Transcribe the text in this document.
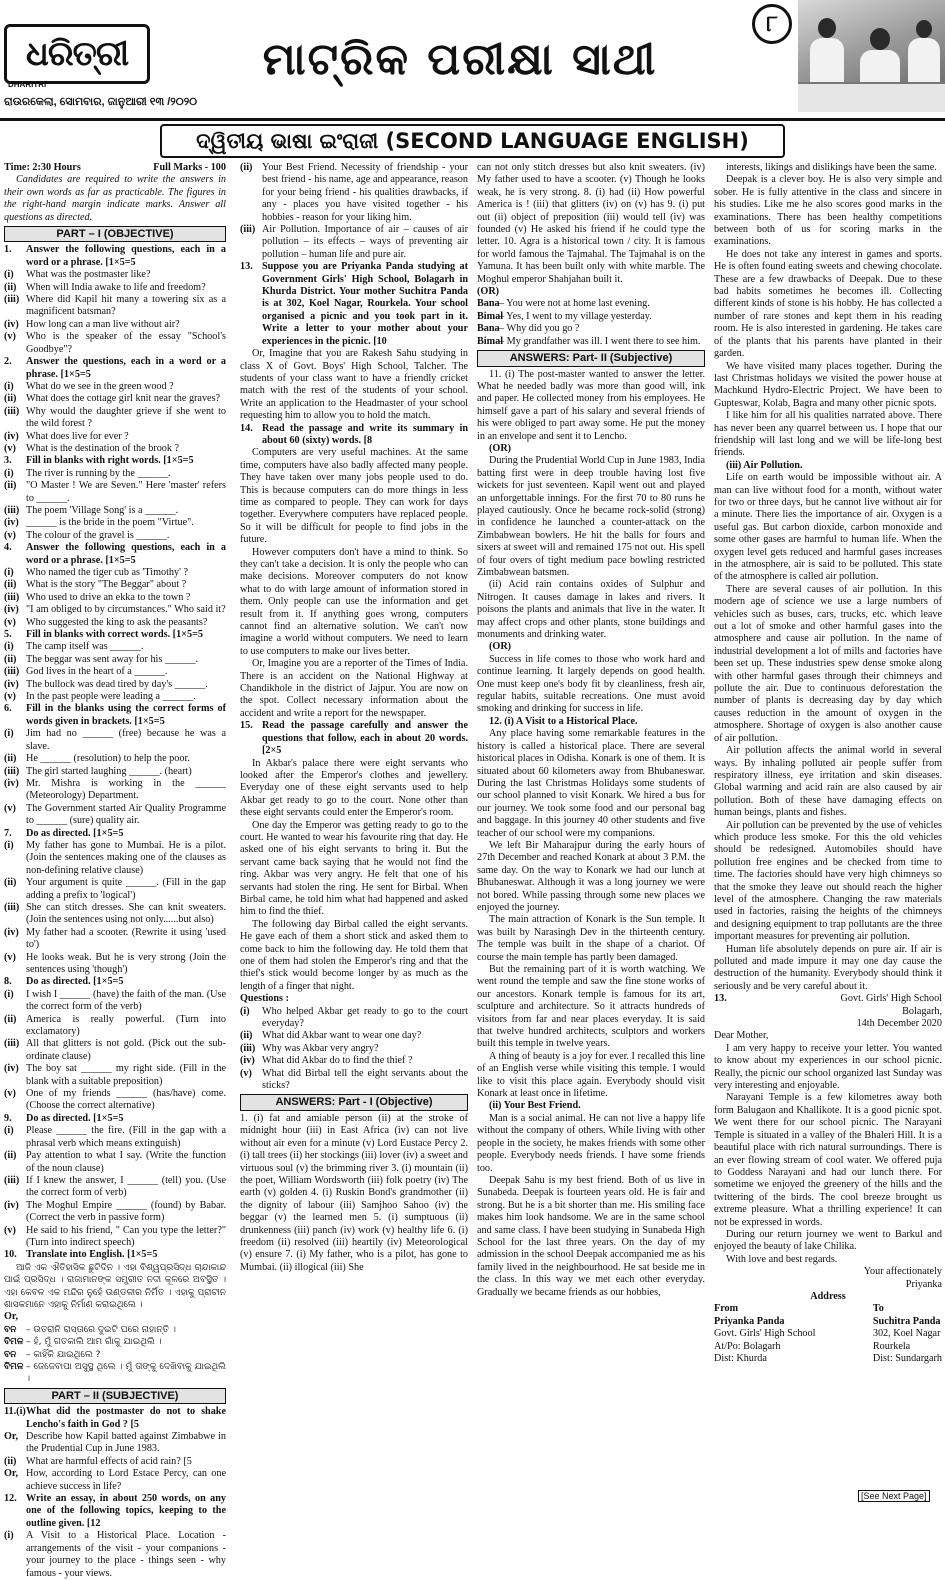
ଧରିତ୍ରୀ
DHARITRI
ରାଉରକେଲା, ସୋମବାର, ଜାନୁଆରୀ ୧୩ /୨୦୨୦
ମାଟ୍ରିକ ପରୀକ୍ଷା ସାଥୀ
୮
ଦ୍ୱିତୀୟ ଭାଷା ଇଂରାଜୀ (SECOND LANGUAGE ENGLISH)
Time: 2:30 Hours	Full Marks - 100

Candidates are required to write the answers in their own words as far as practicable. The figures in the right-hand margin indicate marks. Answer all questions as directed.

PART – I (OBJECTIVE)
1.	Answer the following questions, each in a word or a phrase. [1×5=5
(i)	What was the postmaster like?
(ii) When will India awake to life and freedom?
(iii) Where did Kapil hit many a towering six as a magnificent batsman?
(iv) How long can a man live without air?
(v) Who is the speaker of the essay "School's Goodbye"?
2.	Answer the questions, each in a word or a phrase. [1×5=5
(i)	What do we see in the green wood ?
(ii) What does the cottage girl knit near the graves?
(iii) Why would the daughter grieve if she went to the wild forest ?
(iv) What does live for ever ?
(v) What is the destination of the brook ?
3.	Fill in blanks with right words. [1×5=5
(i)	The river is running by the ______.
(ii) "O Master ! We are Seven." Here 'master' refers to ______.
(iii) The poem 'Village Song' is a ______.
(iv) ______ is the bride in the poem "Virtue".
(v) The colour of the gravel is ______.
4.	Answer the following questions, each in a word or a phrase. [1×5=5
(i)	Who named the tiger cub as 'Timothy' ?
(ii) What is the story "The Beggar" about ?
(iii) Who used to drive an ekka to the town ?
(iv) "I am obliged to by circumstances." Who said it?
(v) Who suggested the king to ask the peasants?
5.	Fill in blanks with correct words. [1×5=5
(i)	The camp itself was ______.
(ii) The beggar was sent away for his ______.
(iii) God lives in the heart of a ______.
(iv) The bullock was dead tired by day's ______.
(v) In the past people were leading a ______.
6.	Fill in the blanks using the correct forms of words given in brackets. [1×5=5
(i)	Jim had no ______ (free) because he was a slave.
(ii) He ______ (resolution) to help the poor.
(iii) The girl started laughing ______. (heart)
(iv) Mr. Mishra is working in the ______ (Meteorology) Department.
(v) The Government started Air Quality Programme to ______ (sure) quality air.
7.	Do as directed. [1×5=5
(i)	My father has gone to Mumbai. He is a pilot. (Join the sentences making one of the clauses as non-defining relative clause)
(ii) Your argument is quite ______. (Fill in the gap adding a prefix to 'logical')
(iii) She can stitch dresses. She can knit sweaters. (Join the sentences using not only......but also)
(iv) My father had a scooter. (Rewrite it using 'used to')
(v) He looks weak. But he is very strong (Join the sentences using 'though')
8.	Do as directed. [1×5=5
(i)	I wish I ______ (have) the faith of the man. (Use the correct form of the verb)
(ii) America is really powerful. (Turn into exclamatory)
(iii) All that glitters is not gold. (Pick out the sub-ordinate clause)
(iv) The boy sat ______ my right side. (Fill in the blank with a suitable preposition)
(v) One of my friends ______ (has/have) come. (Choose the correct alternative)
9.	Do as directed. [1×5=5
(i)	Please ______ the fire. (Fill in the gap with a phrasal verb which means extinguish)
(ii) Pay attention to what I say. (Write the function of the noun clause)
(iii) If I knew the answer, I ______ (tell) you. (Use the correct form of verb)
(iv) The Moghul Empire ______ (found) by Babar. (Correct the verb in passive form)
(v) He said to his friend, " Can you type the letter?" (Turn into indirect speech)
10. Translate into English. [1×5=5

ଆଜି ଏକ ଐତିହାସିକ ଛୁଟିଦିନ । ଏହା ବିଶ୍ୱପ୍ରସିଦ୍ଧ ଚାନ୍ଦାକାନ୍ଦ ପାଇଁ ପ୍ରସିଦ୍ଧ । ରାଜାମାନଙ୍କ ସମ୍ପ୍ରୀତ ନଦୀ କୂଳରେ ଅବସ୍ଥିତ । ଏହା କେବଳ ଏକ ମନ୍ଦିର ନୁହେଁ ଉଣ୍ଡଳୀର ନିର୍ମିତ । ଏହାକୁ ପ୍ରାଚୀନ ଶାସକମାନେ ଏହାକୁ ନିର୍ମାଣ କରାଇଥିଲେ ।

Or,
ବନ	– ଉତରାନି ରାସ୍ତାରେ ଦୁଇଟି ଘରେ ନାହାନ୍ତି ।
ବିମଳ – ହଁ, ମୁଁ ଗତକାଲି ଆମ ଗାଁକୁ ଯାଇଥିଲି ।
ବନ	– କାହିଁକି ଯାଇଥିଲେ ?
ବିମଳ – ଜେଜେବାପା ଅସୁସ୍ଥ ଥିଲେ । ମୁଁ ତାଙ୍କୁ ଦେଖିବାକୁ ଯାଇଥିଲି ।
PART – II (SUBJECTIVE)
11.(i) What did the postmaster do not to shake Lencho's faith in God ? [5
Or, Describe how Kapil batted against Zimbabwe in the Prudential Cup in June 1983.
(ii) What are harmful effects of acid rain? [5
Or, How, according to Lord Estace Percy, can one achieve success in life?
12. Write an essay, in about 250 words, on any one of the following topics, keeping to the outline given. [12
(i)	A Visit to a Historical Place. Location - arrangements of the visit - your companions - your journey to the place - things seen - why famous - your views.
(ii) Your Best Friend. Necessity of friendship - your best friend - his name, age and appearance, reason for your being friend - his qualities drawbacks, if any - places you have visited together - his hobbies - reason for your liking him.
(iii) Air Pollution. Importance of air – causes of air pollution – its effects – ways of preventing air pollution – human life and pure air.
13. Suppose you are Priyanka Panda studying at Government Girls' High School, Bolagarh in Khurda District. Your mother Suchitra Panda is at 302, Koel Nagar, Rourkela. Your school organised a picnic and you took part in it. Write a letter to your mother about your experiences in the picnic. [10

Or, Imagine that you are Rakesh Sahu studying in class X of Govt. Boys' High School, Talcher. The students of your class want to have a friendly cricket match with the rest of the students of your school. Write an application to the Headmaster of your school requesting him to allow you to hold the match.

14. Read the passage and write its summary in about 60 (sixty) words. [8

Computers are very useful machines. At the same time, computers have also badly affected many people. They have taken over many jobs people used to do. This is because computers can do more things in less time as compared to people. They can work for days together. Everywhere computers have replaced people. So it will be difficult for people to find jobs in the future.

However computers don't have a mind to think. So they can't take a decision. It is only the people who can make decisions. Moreover computers do not know what to do with large amount of information stored in them. Only people can use the information and get result from it. If anything goes wrong, computers cannot find an alternative solution. We can't now imagine a world without computers. We need to learn to use computers to make our lives better.

Or, Imagine you are a reporter of the Times of India. There is an accident on the National Highway at Chandikhole in the district of Jajpur. You are now on the spot. Collect necessary information about the accident and write a report for the newspaper.

15. Read the passage carefully and answer the questions that follow, each in about 20 words. [2×5

In Akbar's palace there were eight servants who looked after the Emperor's clothes and jewellery. Everyday one of these eight servants used to help Akbar get ready to go to the court. None other than these eight servants could enter the Emperor's room.

One day the Emperor was getting ready to go to the court. He wanted to wear his favourite ring that day. He asked one of his eight servants to bring it. But the servant came back saying that he would not find the ring. Akbar was very angry. He felt that one of his servants had stolen the ring. He sent for Birbal. When Birbal came, he told him what had happened and asked him to find the thief.

The following day Birbal called the eight servants. He gave each of them a short stick and asked them to come back to him the following day. He told them that one of them had stolen the Emperor's ring and that the thief's stick would become longer by as much as the length of a finger that night.

Questions :

(i)	Who helped Akbar get ready to go to the court everyday?
(ii) What did Akbar want to wear one day?
(iii) Why was Akbar very angry?
(iv) What did Akbar do to find the thief ?
(v) What did Birbal tell the eight servants about the sticks?
ANSWERS: Part - I (Objective)

1. (i) fat and amiable person (ii) at the stroke of midnight hour (iii) in East Africa (iv) can not live without air even for a minute (v) Lord Eustace Percy 2. (i) tall trees (ii) her stockings (iii) lover (iv) a sweet and virtuous soul (v) the brimming river 3. (i) mountain (ii) the poet, William Wordsworth (iii) folk poetry (iv) The earth (v) golden 4. (i) Ruskin Bond's grandmother (ii) the dignity of labour (iii) Samjhoo Sahoo (iv) the beggar (v) the learned men 5. (i) sumptuous (ii) drunkenness (iii) panch (iv) work (v) healthy life 6. (i) freedom (ii) resolved (iii) heartily (iv) Meteorological (v) ensure 7. (i) My father, who is a pilot, has gone to Mumbai. (ii) illogical (iii) She

can not only stitch dresses but also knit sweaters. (iv) My father used to have a scooter. (v) Though he looks weak, he is very strong. 8. (i) had (ii) How powerful America is ! (iii) that glitters (iv) on (v) has 9. (i) put out (ii) object of preposition (iii) would tell (iv) was founded (v) He asked his friend if he could type the letter. 10. Agra is a historical town / city. It is famous for world famous the Tajmahal. The Tajmahal is on the Yamuna. It has been built only with white marble. The Moghul emperor Shahjahan built it.

(OR)

Bana – You were not at home last evening.
Bimal
– Yes, I went to my village yesterday.
Bana – Why did you go ?
Bimal
– My grandfather was ill. I went there to see him.
ANSWERS: Part- II (Subjective)

11. (i) The post-master wanted to answer the letter. What he needed badly was more than good will, ink and paper. He collected money from his employees. He himself gave a part of his salary and several friends of his were obliged to part away some. He put the money in an envelope and sent it to Lencho.

(OR)

During the Prudential World Cup in June 1983, India batting first were in deep trouble having lost five wickets for just seventeen. Kapil went out and played an unforgettable innings. For the first 70 to 80 runs he played cautiously. Once he became rock-solid (strong) in confidence he launched a counter-attack on the Zimbabwean bowlers. He hit the balls for fours and sixers at sweet will and remained 175 not out. His spell of four overs of tight medium pace bowling restricted Zimbabwean batsmen.

(ii) Acid rain contains oxides of Sulphur and Nitrogen. It causes damage in lakes and rivers. It poisons the plants and animals that live in the water. It may affect crops and other plants, stone buildings and monuments and drinking water.

(OR)

Success in life comes to those who work hard and continue learning. It largely depends on good health. One must keep one's body fit by cleanliness, fresh air, regular habits, suitable recreations. One must avoid smoking and drinking for success in life.

12. (i) A Visit to a Historical Place.

Any place having some remarkable features in the history is called a historical place. There are several historical places in Odisha. Konark is one of them. It is situated about 60 kilometers away from Bhubaneswar. During the last Christmas Holidays some students of our school planned to visit Konark. We hired a bus for our journey. We took some food and our personal bag and baggage. In this journey 40 other students and five teacher of our school were my companions.

We left Bir Maharajpur during the early hours of 27th December and reached Konark at about 3 P.M. the same day. On the way to Konark we had our lunch at Bhubaneswar. Although it was a long journey we were not bored. While passing through some new places we enjoyed the journey.

The main attraction of Konark is the Sun temple. It was built by Narasingh Dev in the thirteenth century. The temple was built in the shape of a chariot. Of course the main temple has partly been damaged.

But the remaining part of it is worth watching. We went round the temple and saw the fine stone works of our ancestors. Konark temple is famous for its art, sculpture and architecture. So it attracts hundreds of visitors from far and near places everyday. It is said that twelve hundred architects, sculptors and workers built this temple in twelve years.

A thing of beauty is a joy for ever. I recalled this line of an English verse while visiting this temple. I would like to visit this place again. Everybody should visit Konark at least once in lifetime.

(ii) Your Best Friend.

Man is a social animal. He can not live a happy life without the company of others. While living with other people in the society, he makes friends with some other people. Everybody needs friends. I have some friends too.

Deepak Sahu is my best friend. Both of us live in Sunabeda. Deepak is fourteen years old. He is fair and strong. But he is a bit shorter than me. His smiling face makes him look handsome. We are in the same school and same class. I have been studying in Sunabeda High School for the last three years. On the day of my admission in the school Deepak accompanied me as his family lived in the neighbourhood. He sat beside me in the class. In this way we met each other everyday. Gradually we became friends as our hobbies,

interests, likings and dislikings have been the same.

Deepak is a clever boy. He is also very simple and sober. He is fully attentive in the class and sincere in his studies. Like me he also scores good marks in the examinations. There has been healthy competitions between both of us for scoring marks in the examinations.

He does not take any interest in games and sports. He is often found eating sweets and chewing chocolate. These are a few drawbacks of Deepak. Due to these bad habits sometimes he becomes ill. Collecting different kinds of stone is his hobby. He has collected a number of rare stones and kept them in his reading room. He is also interested in gardening. He takes care of the plants that his parents have planted in their garden.

We have visited many places together. During the last Christmas holidays we visited the power house at Machkund Hydro-Electric Project. We have been to Gupteswar, Kolab, Bagra and many other picnic spots.

I like him for all his qualities narrated above. There has never been any quarrel between us. I hope that our friendship will last long and we will be life-long best friends.

(iii) Air Pollution.

Life on earth would be impossible without air. A man can live without food for a month, without water for two or three days, but he cannot live without air for a minute. There lies the importance of air. Oxygen is a useful gas. But carbon dioxide, carbon monoxide and some other gases are harmful to human life. When the oxygen level gets reduced and harmful gases increases in the atmosphere, air is said to be polluted. This state of the atmosphere is called air pollution.

There are several causes of air pollution. In this modern age of science we use a large numbers of vehicles such as buses, cars, trucks, etc. which leave out a lot of smoke and other harmful gases into the atmosphere and cause air pollution. In the name of industrial development a lot of mills and factories have been set up. These industries spew dense smoke along with other harmful gases through their chimneys and pollute the air. Due to continuous deforestation the number of plants is decreasing day by day which causes reduction in the amount of oxygen in the atmosphere. Shortage of oxygen is also another cause of air pollution.

Air pollution affects the animal world in several ways. By inhaling polluted air people suffer from respiratory illness, eye irritation and skin diseases. Global warming and acid rain are also caused by air pollution. Both of these have damaging effects on human beings, plants and fishes.

Air pollution can be prevented by the use of vehicles which produce less smoke. For this the old vehicles should be redesigned. Automobiles should have pollution free engines and be checked from time to time. The factories should have very high chimneys so that the smoke they leave out should reach the higher level of the atmosphere. Changing the raw materials used in factories, raising the heights of the chimneys and designing equipment to trap pollutants are the three important measures for preventing air pollution.

Human life absolutely depends on pure air. If air is polluted and made impure it may one day cause the destruction of the humanity. Everybody should think it seriously and be very careful about it.

13.	Govt. Girls' High School

Bolagarh,

14th December 2020

Dear Mother,

I am very happy to receive your letter. You wanted to know about my experiences in our school picnic. Really, the picnic our school organized last Sunday was very interesting and enjoyable.

Narayani Temple is a few kilometres away both form Balugaon and Khallikote. It is a good picnic spot. We went there for our school picnic. The Narayani Temple is situated in a valley of the Bhaleri Hill. It is a beautiful place with rich natural surroundings. There is an ever flowing stream of cool water. We offered puja to Goddess Narayani and had our lunch there. For sometime we enjoyed the greenery of the hills and the twittering of the birds. The cool breeze brought us extreme pleasure. What a thrilling experience! It can not be expressed in words.

During our return journey we went to Barkul and enjoyed the beauty of lake Chilika.

With love and best regards.

Your affectionately

Priyanka

Address

From
Priyanka Panda
Govt. Girls' High School
At/Po: Bolagarh
Dist: Khurda
To
Suchitra Panda
302, Koel Nagar
Rourkela
Dist: Sundargarh
[See Next Page]
